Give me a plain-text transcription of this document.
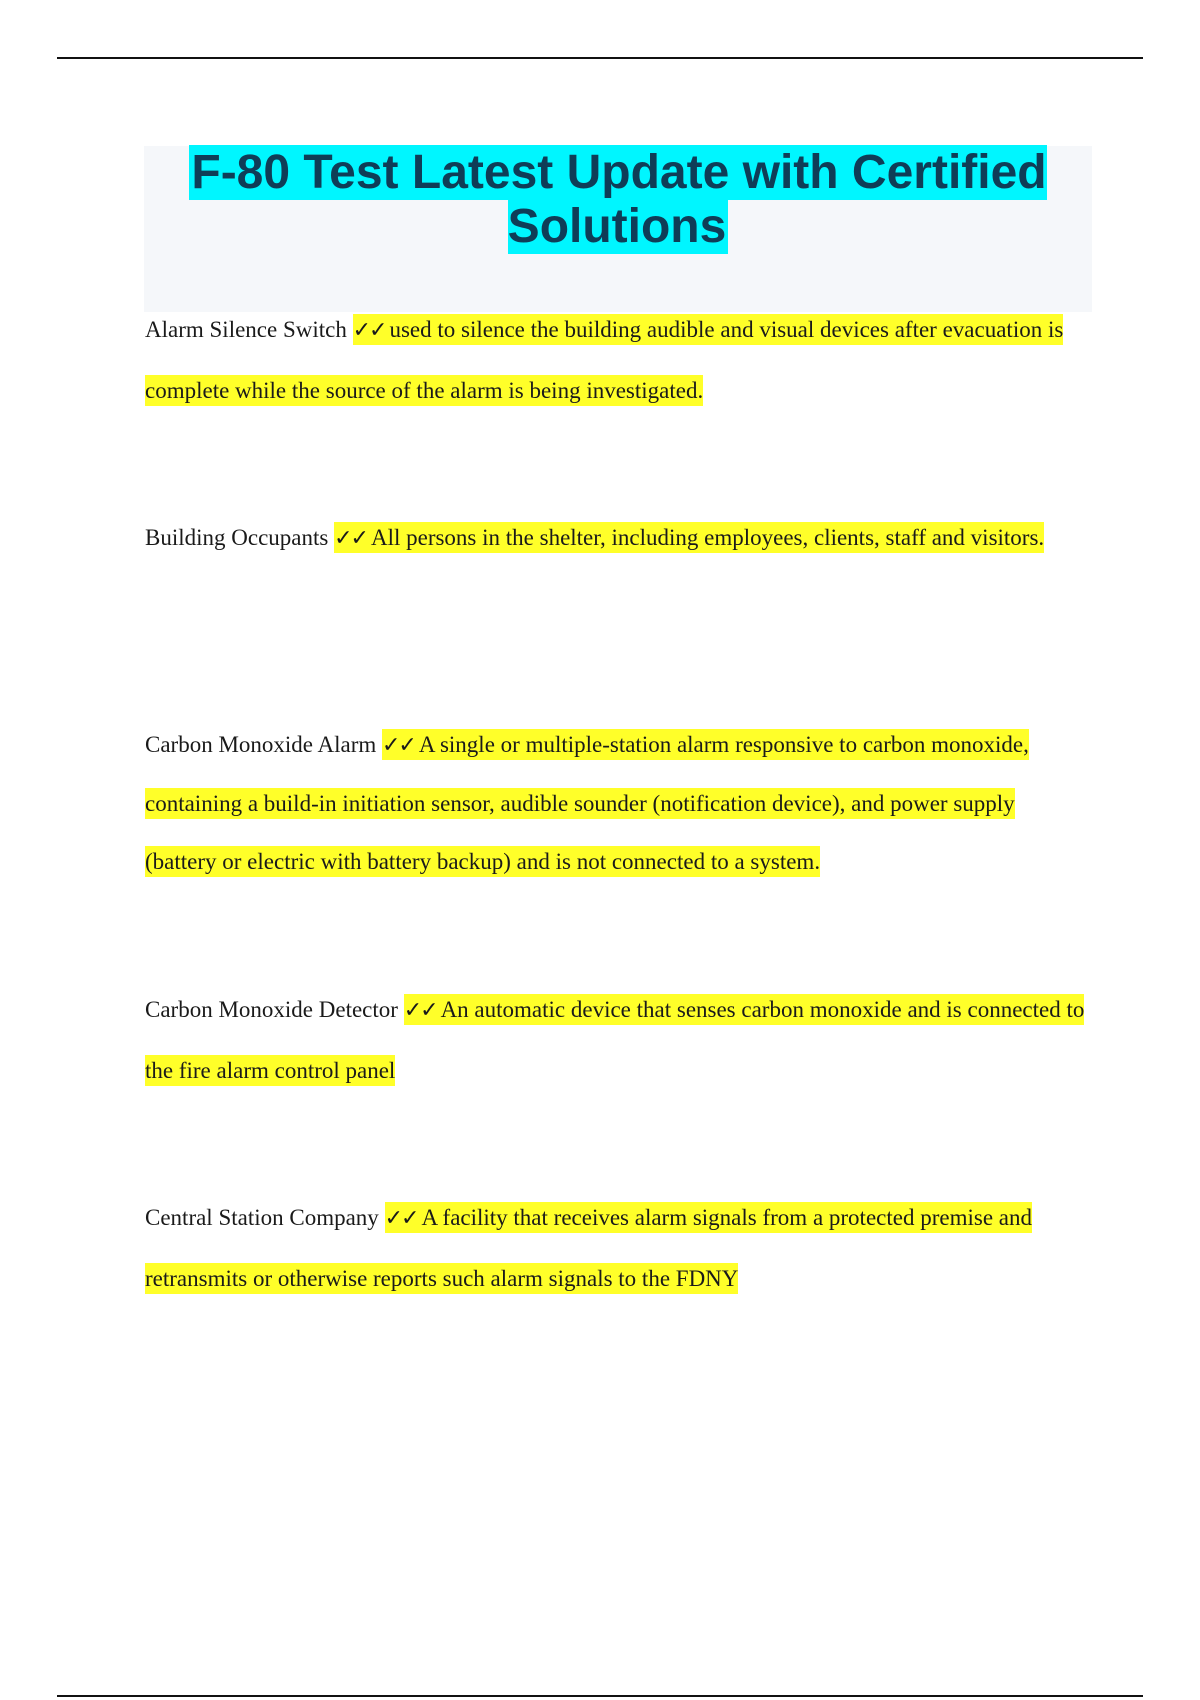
F-80 Test Latest Update with Certified Solutions
Alarm Silence Switch ✓✓ used to silence the building audible and visual devices after evacuation is complete while the source of the alarm is being investigated.
Building Occupants ✓✓ All persons in the shelter, including employees, clients, staff and visitors.
Carbon Monoxide Alarm ✓✓ A single or multiple-station alarm responsive to carbon monoxide, containing a build-in initiation sensor, audible sounder (notification device), and power supply (battery or electric with battery backup) and is not connected to a system.
Carbon Monoxide Detector ✓✓ An automatic device that senses carbon monoxide and is connected to the fire alarm control panel
Central Station Company ✓✓ A facility that receives alarm signals from a protected premise and retransmits or otherwise reports such alarm signals to the FDNY
